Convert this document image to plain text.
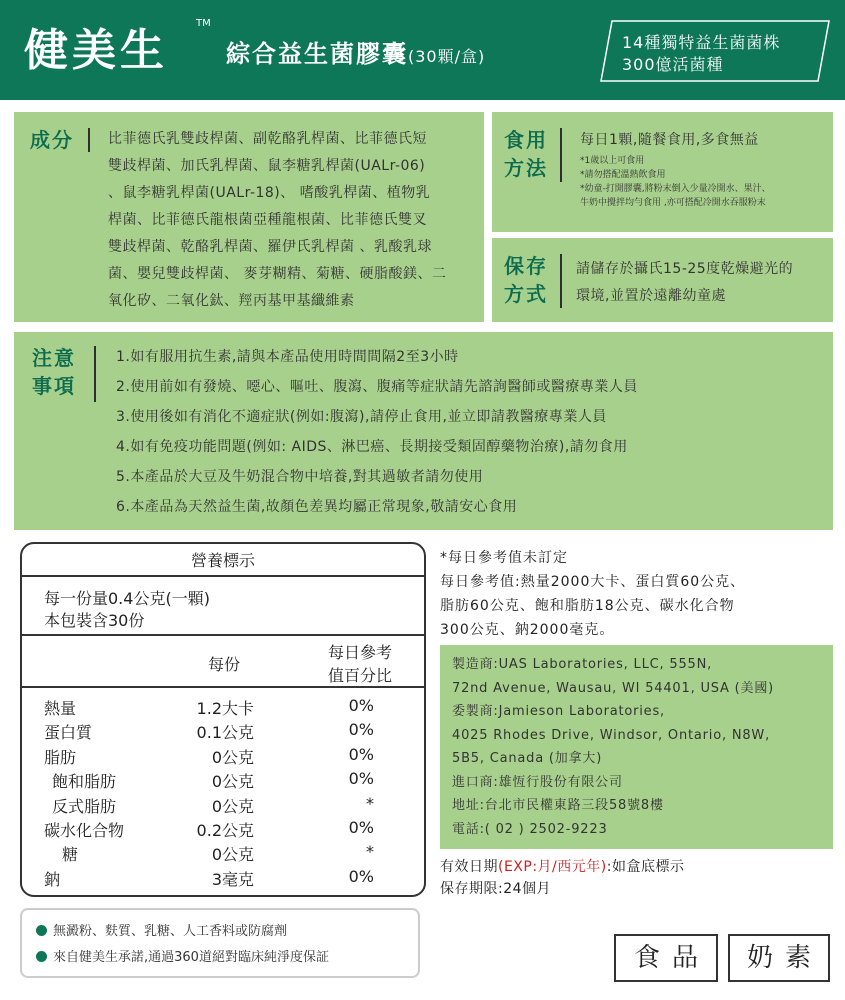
健美生
TM
綜合益生菌膠囊(30顆/盒)
14種獨特益生菌菌株
300億活菌種
成分 比菲德氏乳雙歧桿菌、副乾酪乳桿菌、比菲德氏短
雙歧桿菌、加氏乳桿菌、鼠李糖乳桿菌(UALr-06)
、鼠李糖乳桿菌(UALr-18)、 嗜酸乳桿菌、植物乳
桿菌、比菲德氏龍根菌亞種龍根菌、比菲德氏雙叉
雙歧桿菌、乾酪乳桿菌、羅伊氏乳桿菌 、乳酸乳球
菌、嬰兒雙歧桿菌、 麥芽糊精、菊糖、硬脂酸鎂、二
氧化矽、二氧化鈦、羥丙基甲基纖維素
食用
方法
每日1顆,隨餐食用,多食無益
*1歲以上可食用
*請勿搭配溫熱飲食用
*幼童-打開膠囊,將粉末倒入少量冷開水、果汁、
牛奶中攪拌均勻食用 ,亦可搭配冷開水吞服粉末
保存
方式
請儲存於攝氏15-25度乾燥避光的
環境,並置於遠離幼童處
注意
事項
1.如有服用抗生素,請與本產品使用時間間隔2至3小時
2.使用前如有發燒、噁心、嘔吐、腹瀉、腹痛等症狀請先諮詢醫師或醫療專業人員
3.使用後如有消化不適症狀(例如:腹瀉),請停止食用,並立即請教醫療專業人員
4.如有免疫功能問題(例如: AIDS、淋巴癌、長期接受類固醇藥物治療),請勿食用
5.本產品於大豆及牛奶混合物中培養,對其過敏者請勿使用
6.本產品為天然益生菌,故顏色差異均屬正常現象,敬請安心食用
營養標示
每一份量0.4公克(一顆)
本包裝含30份
每份
每日參考
值百分比
熱量	1.2大卡	0%
蛋白質	0.1公克	0%
脂肪	0公克	0%
飽和脂肪	0公克	0%
反式脂肪	0公克	*
碳水化合物	0.2公克	0%
糖	0公克	*
鈉	3毫克	0%
*每日參考值未訂定
每日參考值:熱量2000大卡、蛋白質60公克、
脂肪60公克、飽和脂肪18公克、碳水化合物
300公克、鈉2000毫克。
製造商:UAS Laboratories, LLC, 555N,
72nd Avenue, Wausau, WI 54401, USA (美國)
委製商:Jamieson Laboratories,
4025 Rhodes Drive, Windsor, Ontario, N8W,
5B5, Canada (加拿大)
進口商:雄恆行股份有限公司
地址:台北市民權東路三段58號8樓
電話:( 02 ) 2502-9223
有效日期(EXP:月/西元年):如盒底標示
保存期限:24個月
無澱粉、麩質、乳糖、人工香料或防腐劑
來自健美生承諾,通過360道絕對臨床純淨度保証	食品	奶素
